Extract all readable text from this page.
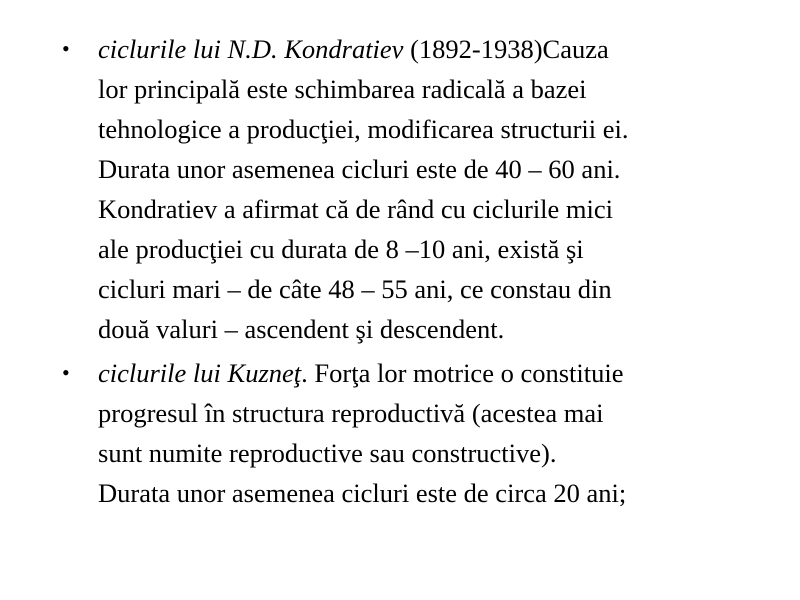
• ciclurile lui N.D. Kondratiev (1892-1938)Cauza
lor principală este schimbarea radicală a bazei
tehnologice a producţiei, modificarea structurii ei.
Durata unor asemenea cicluri este de 40 – 60 ani.
Kondratiev a afirmat că de rând cu ciclurile mici
ale producţiei cu durata de 8 –10 ani, există şi
cicluri mari – de câte 48 – 55 ani, ce constau din
două valuri – ascendent şi descendent.
• ciclurile lui Kuzneţ. Forţa lor motrice o constituie
progresul în structura reproductivă (acestea mai
sunt numite reproductive sau constructive).
Durata unor asemenea cicluri este de circa 20 ani;
